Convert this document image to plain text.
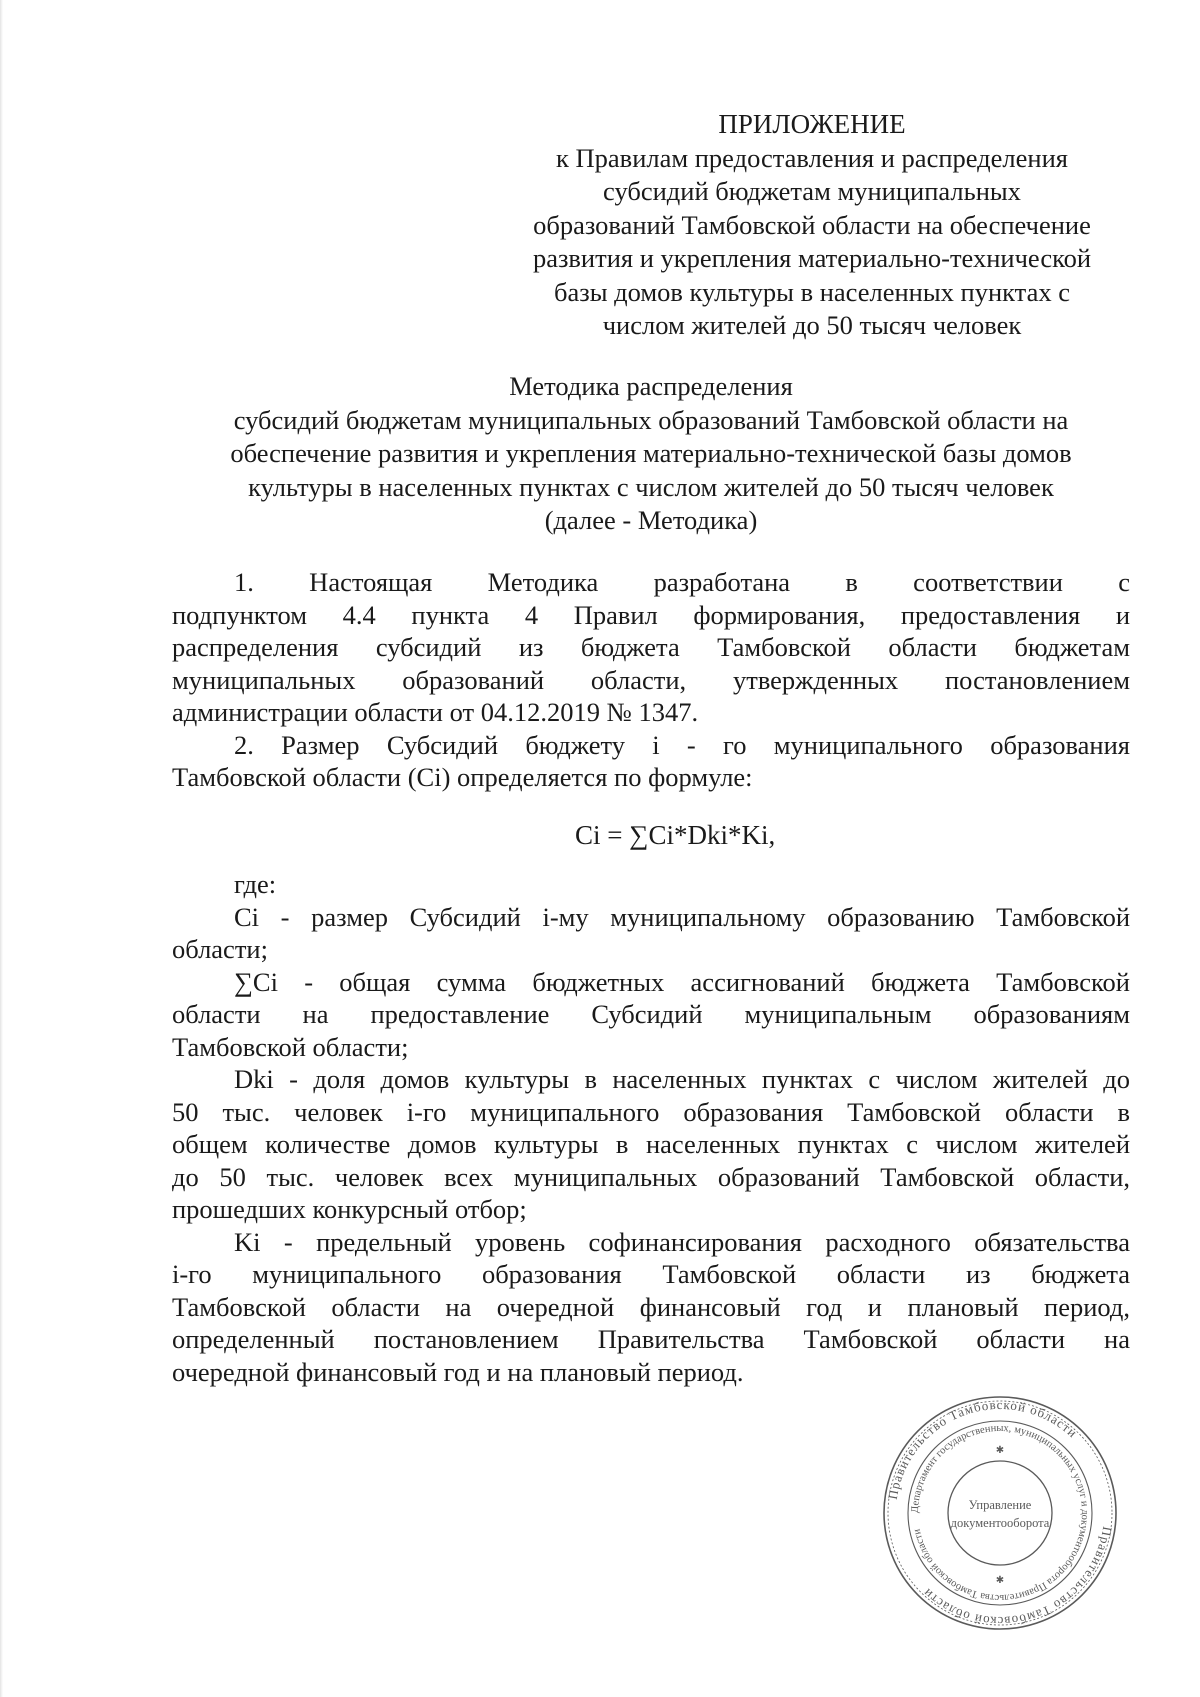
ПРИЛОЖЕНИЕ
к Правилам предоставления и распределения
субсидий бюджетам муниципальных
образований Тамбовской области на обеспечение
развития и укрепления материально-технической
базы домов культуры в населенных пунктах с
числом жителей до 50 тысяч человек
Методика распределения
субсидий бюджетам муниципальных образований Тамбовской области на
обеспечение развития и укрепления материально-технической базы домов
культуры в населенных пунктах с числом жителей до 50 тысяч человек
(далее - Методика)
1. Настоящая Методика разработана в соответствии с
подпунктом 4.4 пункта 4 Правил формирования, предоставления и
распределения субсидий из бюджета Тамбовской области бюджетам
муниципальных образований области, утвержденных постановлением
администрации области от 04.12.2019 № 1347.
2. Размер Субсидий бюджету i - го муниципального образования
Тамбовской области (Ci) определяется по формуле:
Ci = ∑Ci*Dki*Ki,
где:
Ci - размер Субсидий i-му муниципальному образованию Тамбовской
области;
∑Ci - общая сумма бюджетных ассигнований бюджета Тамбовской
области на предоставление Субсидий муниципальным образованиям
Тамбовской области;
Dki - доля домов культуры в населенных пунктах с числом жителей до
50 тыс. человек i-го муниципального образования Тамбовской области в
общем количестве домов культуры в населенных пунктах с числом жителей
до 50 тыс. человек всех муниципальных образований Тамбовской области,
прошедших конкурсный отбор;
Ki - предельный уровень софинансирования расходного обязательства
i-го муниципального образования Тамбовской области из бюджета
Тамбовской области на очередной финансовый год и плановый период,
определенный постановлением Правительства Тамбовской области на
очередной финансовый год и на плановый период.
Правительство Тамбовской области
Правительство Тамбовской области
Департамент государственных, муниципальных услуг и документооборота Правительства Тамбовской области
Управление
документооборота
✱
✱
